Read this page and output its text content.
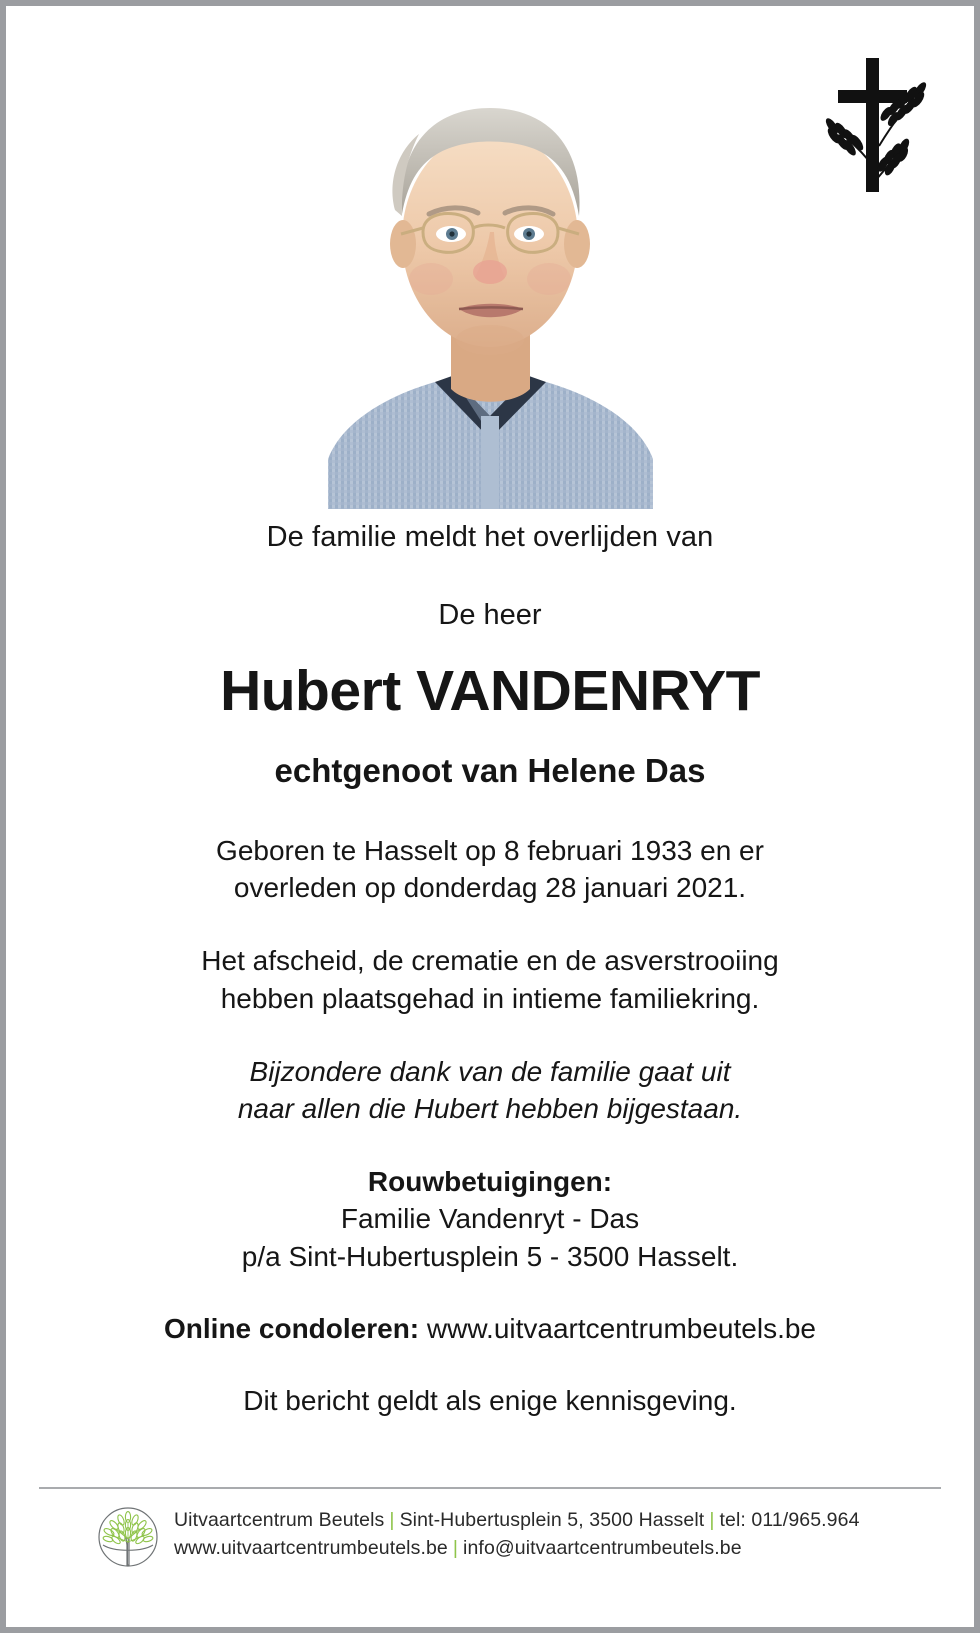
De familie meldt het overlijden van

De heer

Hubert VANDENRYT

echtgenoot van Helene Das

Geboren te Hasselt op 8 februari 1933 en er
overleden op donderdag 28 januari 2021.

Het afscheid, de crematie en de asverstrooiing
hebben plaatsgehad in intieme familiekring.

Bijzondere dank van de familie gaat uit
naar allen die Hubert hebben bijgestaan.

Rouwbetuigingen:
Familie Vandenryt - Das
p/a Sint-Hubertusplein 5 - 3500 Hasselt.

Online condoleren: www.uitvaartcentrumbeutels.be

Dit bericht geldt als enige kennisgeving.

Uitvaartcentrum Beutels | Sint-Hubertusplein 5, 3500 Hasselt | tel: 011/965.964
www.uitvaartcentrumbeutels.be | info@uitvaartcentrumbeutels.be
